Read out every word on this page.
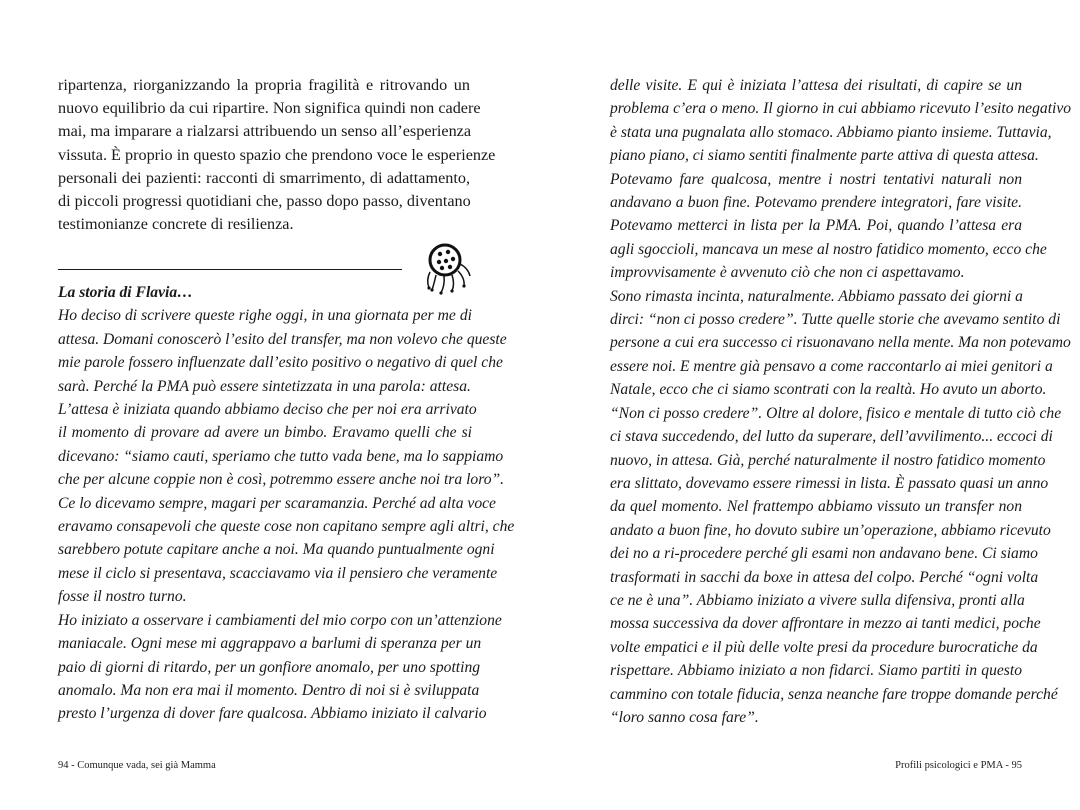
ripartenza, riorganizzando la propria fragilità e ritrovando un
nuovo equilibrio da cui ripartire. Non significa quindi non cadere
mai, ma imparare a rialzarsi attribuendo un senso all’esperienza
vissuta. È proprio in questo spazio che prendono voce le esperienze
personali dei pazienti: racconti di smarrimento, di adattamento,
di piccoli progressi quotidiani che, passo dopo passo, diventano
testimonianze concrete di resilienza.
La storia di Flavia…
Ho deciso di scrivere queste righe oggi, in una giornata per me di
attesa. Domani conoscerò l’esito del transfer, ma non volevo che queste
mie parole fossero influenzate dall’esito positivo o negativo di quel che
sarà. Perché la PMA può essere sintetizzata in una parola: attesa.
L’attesa è iniziata quando abbiamo deciso che per noi era arrivato
il momento di provare ad avere un bimbo. Eravamo quelli che si
dicevano: “siamo cauti, speriamo che tutto vada bene, ma lo sappiamo
che per alcune coppie non è così, potremmo essere anche noi tra loro”.
Ce lo dicevamo sempre, magari per scaramanzia. Perché ad alta voce
eravamo consapevoli che queste cose non capitano sempre agli altri, che
sarebbero potute capitare anche a noi. Ma quando puntualmente ogni
mese il ciclo si presentava, scacciavamo via il pensiero che veramente
fosse il nostro turno.
Ho iniziato a osservare i cambiamenti del mio corpo con un’attenzione
maniacale. Ogni mese mi aggrappavo a barlumi di speranza per un
paio di giorni di ritardo, per un gonfiore anomalo, per uno spotting
anomalo. Ma non era mai il momento. Dentro di noi si è sviluppata
presto l’urgenza di dover fare qualcosa. Abbiamo iniziato il calvario
94 - Comunque vada, sei già Mamma
delle visite. E qui è iniziata l’attesa dei risultati, di capire se un
problema c’era o meno. Il giorno in cui abbiamo ricevuto l’esito negativo
è stata una pugnalata allo stomaco. Abbiamo pianto insieme. Tuttavia,
piano piano, ci siamo sentiti finalmente parte attiva di questa attesa.
Potevamo fare qualcosa, mentre i nostri tentativi naturali non
andavano a buon fine. Potevamo prendere integratori, fare visite.
Potevamo metterci in lista per la PMA. Poi, quando l’attesa era
agli sgoccioli, mancava un mese al nostro fatidico momento, ecco che
improvvisamente è avvenuto ciò che non ci aspettavamo.
Sono rimasta incinta, naturalmente. Abbiamo passato dei giorni a
dirci: “non ci posso credere”. Tutte quelle storie che avevamo sentito di
persone a cui era successo ci risuonavano nella mente. Ma non potevamo
essere noi. E mentre già pensavo a come raccontarlo ai miei genitori a
Natale, ecco che ci siamo scontrati con la realtà. Ho avuto un aborto.
“Non ci posso credere”. Oltre al dolore, fisico e mentale di tutto ciò che
ci stava succedendo, del lutto da superare, dell’avvilimento... eccoci di
nuovo, in attesa. Già, perché naturalmente il nostro fatidico momento
era slittato, dovevamo essere rimessi in lista. È passato quasi un anno
da quel momento. Nel frattempo abbiamo vissuto un transfer non
andato a buon fine, ho dovuto subire un’operazione, abbiamo ricevuto
dei no a ri-procedere perché gli esami non andavano bene. Ci siamo
trasformati in sacchi da boxe in attesa del colpo. Perché “ogni volta
ce ne è una”. Abbiamo iniziato a vivere sulla difensiva, pronti alla
mossa successiva da dover affrontare in mezzo ai tanti medici, poche
volte empatici e il più delle volte presi da procedure burocratiche da
rispettare. Abbiamo iniziato a non fidarci. Siamo partiti in questo
cammino con totale fiducia, senza neanche fare troppe domande perché
“loro sanno cosa fare”.
Profili psicologici e PMA - 95
